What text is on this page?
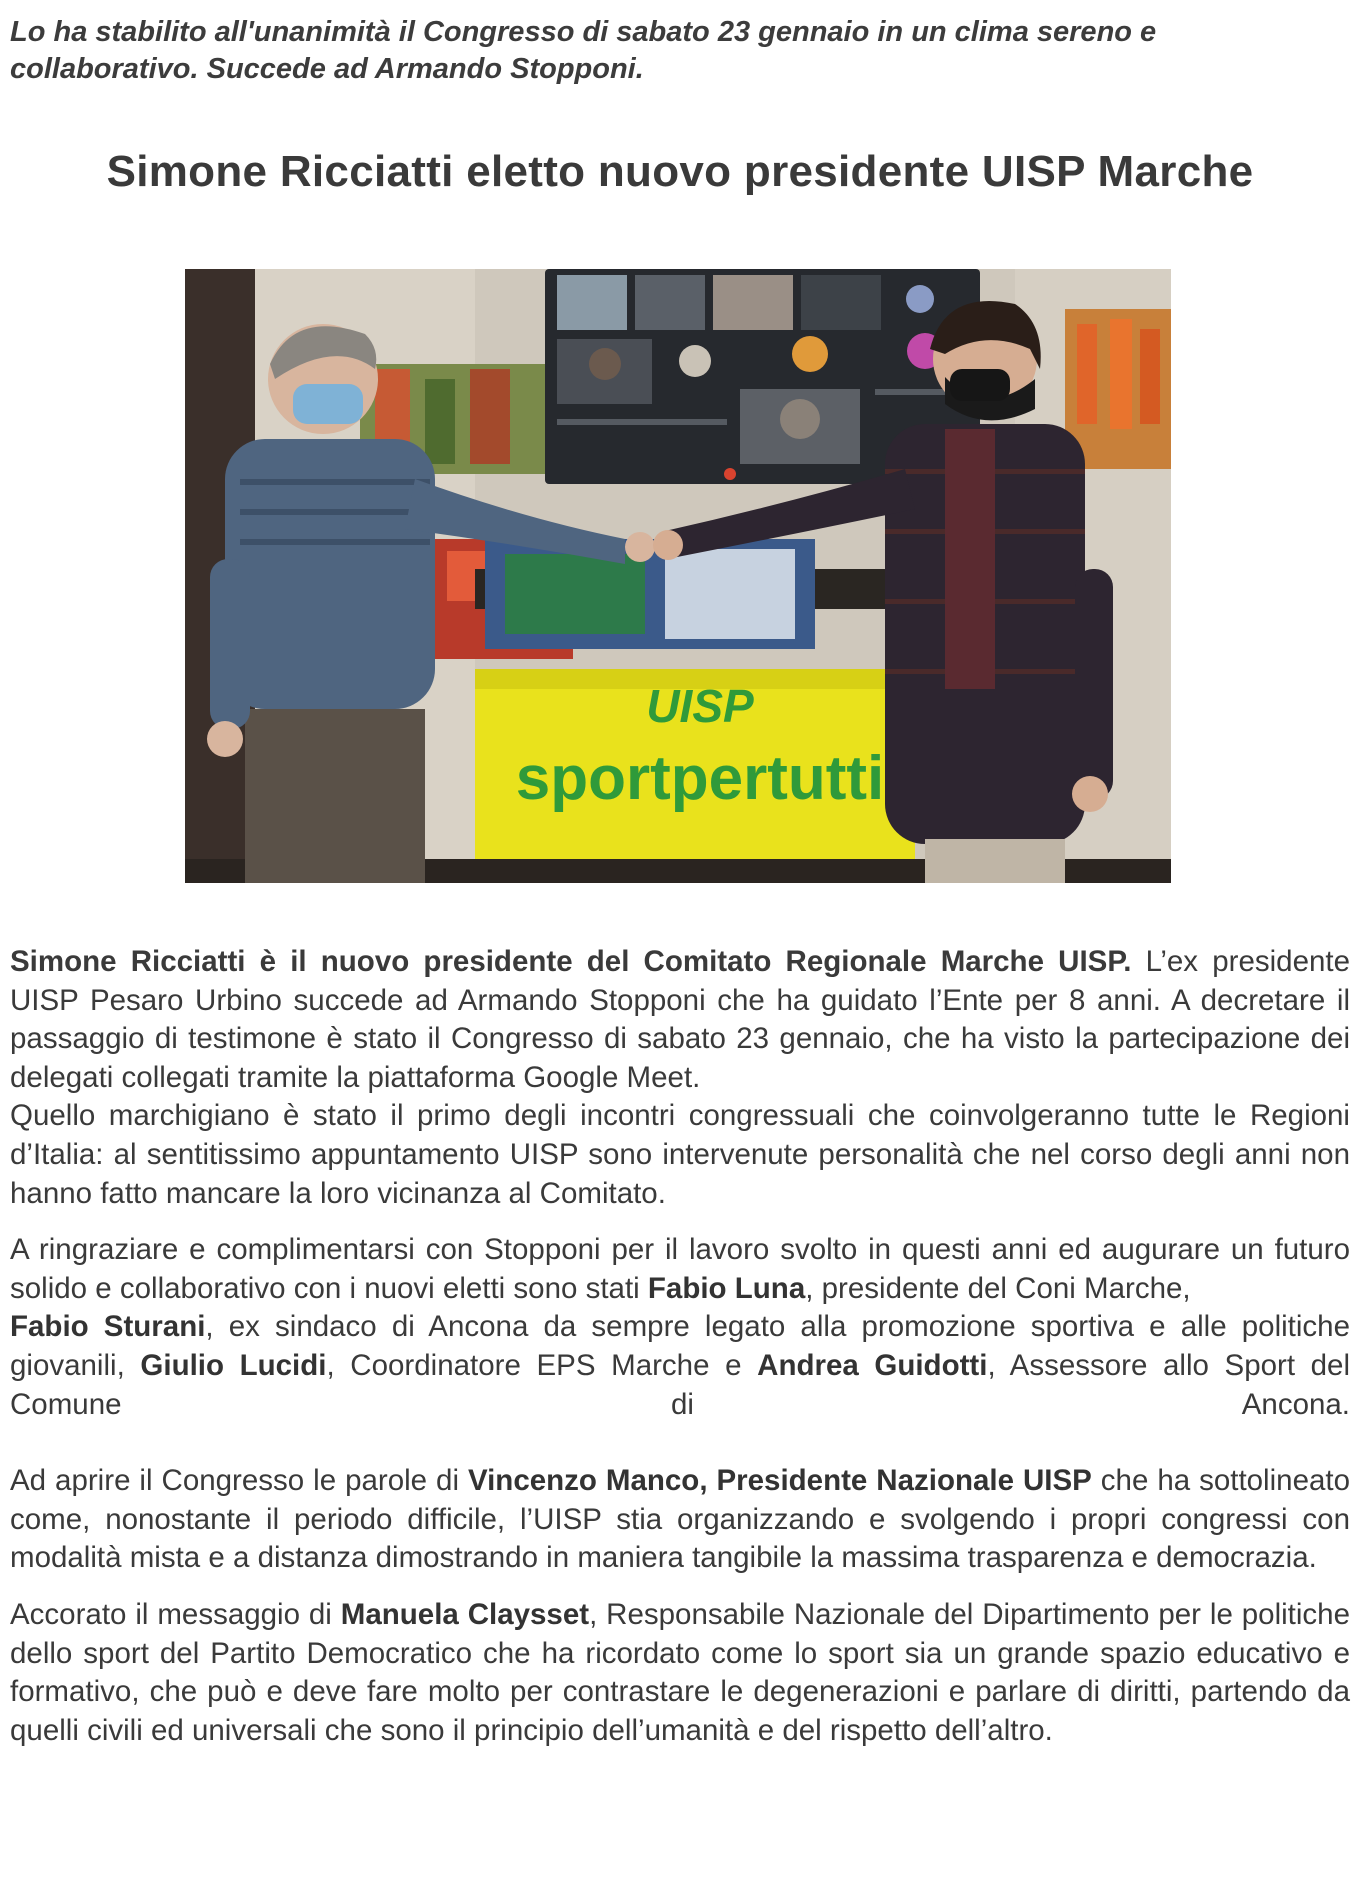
Lo ha stabilito all'unanimità il Congresso di sabato 23 gennaio in un clima sereno e collaborativo. Succede ad Armando Stopponi.

Simone Ricciatti eletto nuovo presidente UISP Marche
UISP
sportpertutti

Simone Ricciatti è il nuovo presidente del Comitato Regionale Marche UISP. L’ex presidente UISP Pesaro Urbino succede ad Armando Stopponi che ha guidato l’Ente per 8 anni. A decretare il passaggio di testimone è stato il Congresso di sabato 23 gennaio, che ha visto la partecipazione dei delegati collegati tramite la piattaforma Google Meet.

Quello marchigiano è stato il primo degli incontri congressuali che coinvolgeranno tutte le Regioni d’Italia: al sentitissimo appuntamento UISP sono intervenute personalità che nel corso degli anni non hanno fatto mancare la loro vicinanza al Comitato.

A ringraziare e complimentarsi con Stopponi per il lavoro svolto in questi anni ed augurare un futuro solido e collaborativo con i nuovi eletti sono stati Fabio Luna, presidente del Coni Marche,

Fabio Sturani, ex sindaco di Ancona da sempre legato alla promozione sportiva e alle politiche giovanili, Giulio Lucidi, Coordinatore EPS Marche e Andrea Guidotti, Assessore allo Sport del Comune di Ancona.

Ad aprire il Congresso le parole di Vincenzo Manco, Presidente Nazionale UISP che ha sottolineato come, nonostante il periodo difficile, l’UISP stia organizzando e svolgendo i propri congressi con modalità mista e a distanza dimostrando in maniera tangibile la massima trasparenza e democrazia.

Accorato il messaggio di Manuela Claysset, Responsabile Nazionale del Dipartimento per le politiche dello sport del Partito Democratico che ha ricordato come lo sport sia un grande spazio educativo e formativo, che può e deve fare molto per contrastare le degenerazioni e parlare di diritti, partendo da quelli civili ed universali che sono il principio dell’umanità e del rispetto dell’altro.
